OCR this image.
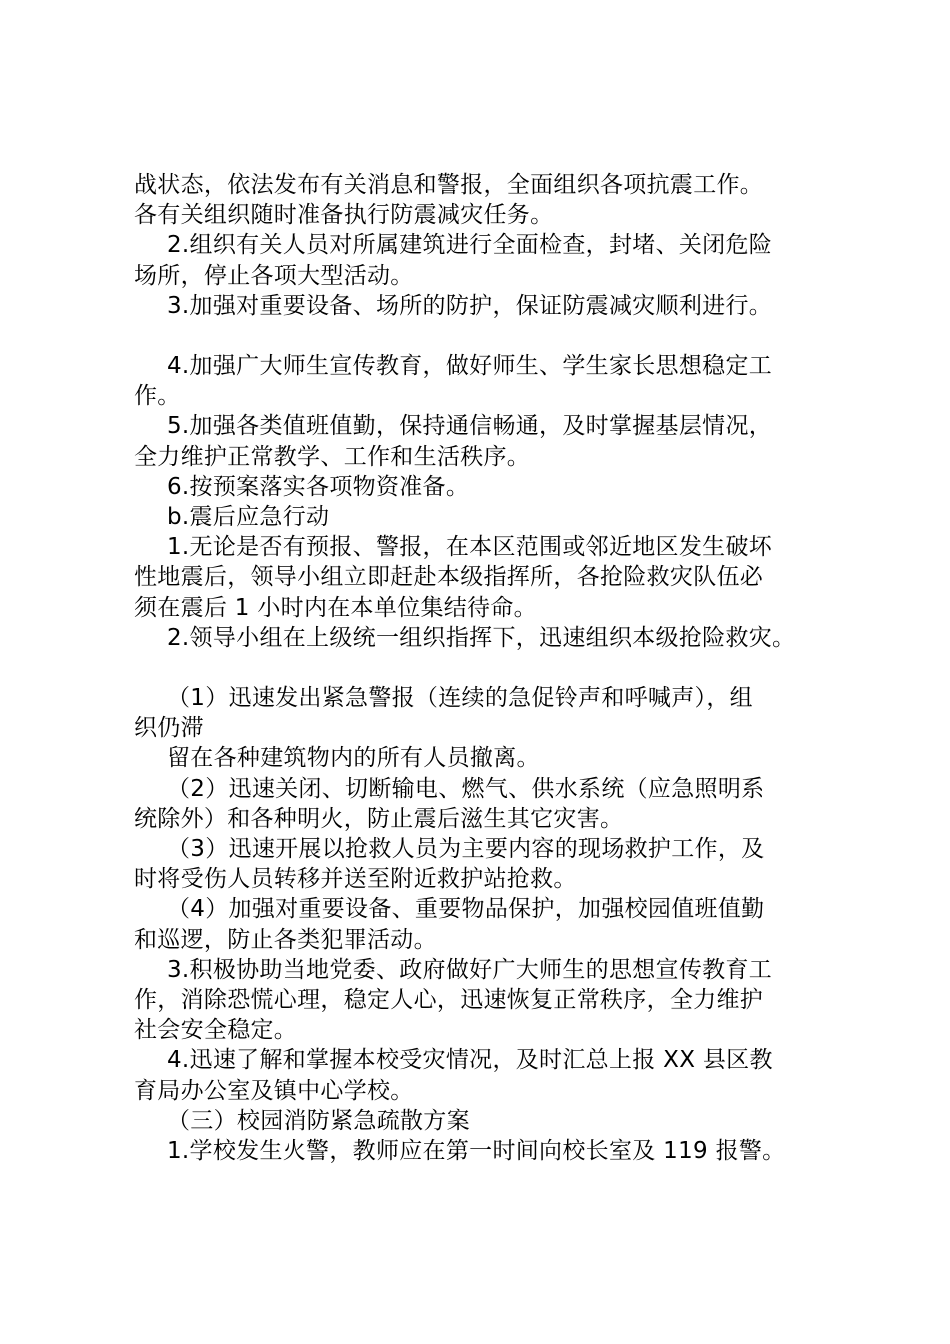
战状态，依法发布有关消息和警报，全面组织各项抗震工作。
各有关组织随时准备执行防震减灾任务。
2.组织有关人员对所属建筑进行全面检查，封堵、关闭危险
场所，停止各项大型活动。
3.加强对重要设备、场所的防护，保证防震减灾顺利进行。
4.加强广大师生宣传教育，做好师生、学生家长思想稳定工
作。
5.加强各类值班值勤，保持通信畅通，及时掌握基层情况，
全力维护正常教学、工作和生活秩序。
6.按预案落实各项物资准备。
b.震后应急行动
1.无论是否有预报、警报，在本区范围或邻近地区发生破坏
性地震后，领导小组立即赶赴本级指挥所，各抢险救灾队伍必
须在震后 1 小时内在本单位集结待命。
2.领导小组在上级统一组织指挥下，迅速组织本级抢险救灾。
（1）迅速发出紧急警报（连续的急促铃声和呼喊声），组
织仍滞
留在各种建筑物内的所有人员撤离。
（2）迅速关闭、切断输电、燃气、供水系统（应急照明系
统除外）和各种明火，防止震后滋生其它灾害。
（3）迅速开展以抢救人员为主要内容的现场救护工作，及
时将受伤人员转移并送至附近救护站抢救。
（4）加强对重要设备、重要物品保护，加强校园值班值勤
和巡逻，防止各类犯罪活动。
3.积极协助当地党委、政府做好广大师生的思想宣传教育工
作，消除恐慌心理，稳定人心，迅速恢复正常秩序，全力维护
社会安全稳定。
4.迅速了解和掌握本校受灾情况，及时汇总上报 XX 县区教
育局办公室及镇中心学校。
（三）校园消防紧急疏散方案
1.学校发生火警，教师应在第一时间向校长室及 119 报警。
